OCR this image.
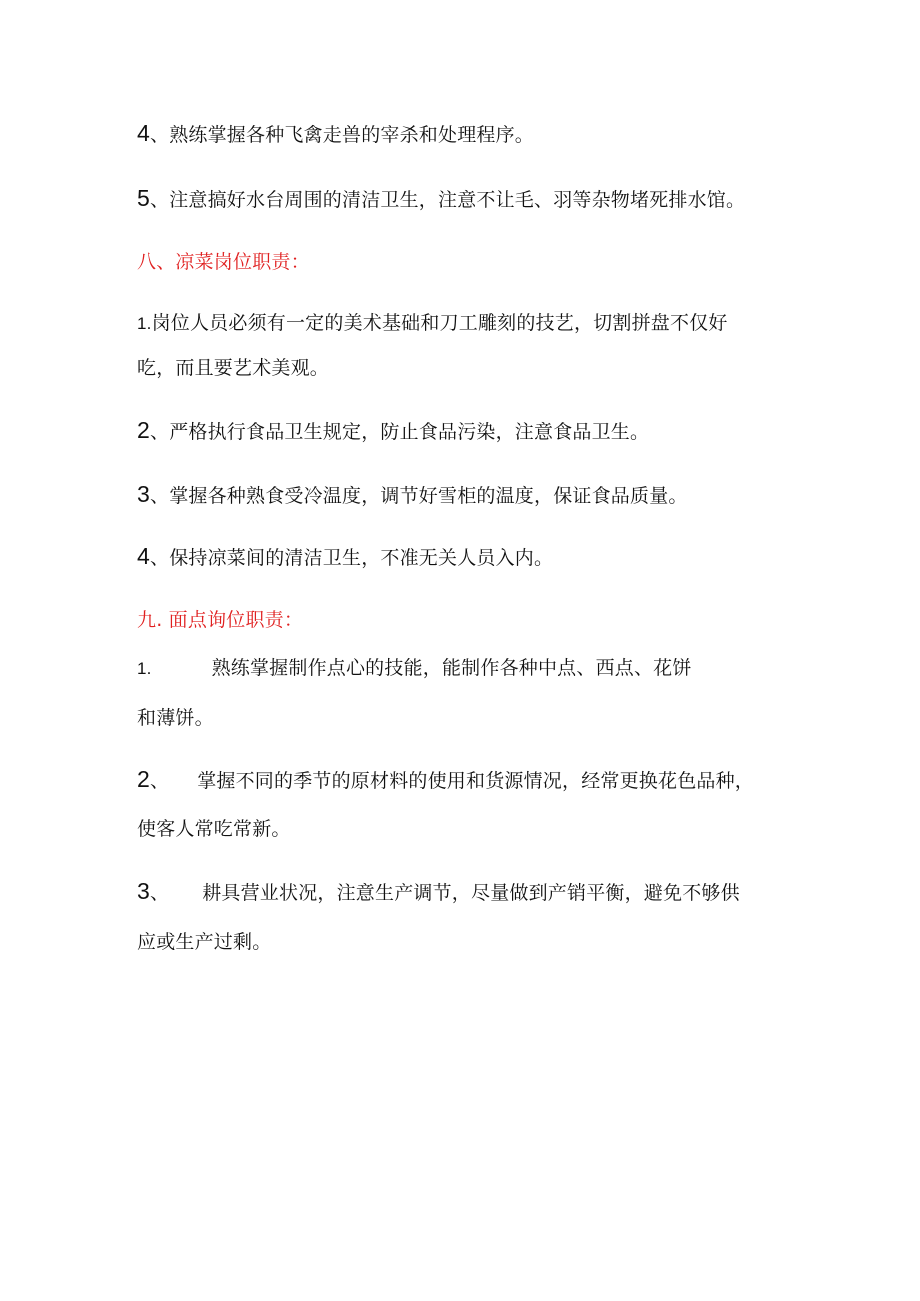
4、熟练掌握各种飞禽走兽的宰杀和处理程序。
5、注意搞好水台周围的清洁卫生，注意不让毛、羽等杂物堵死排水馆。
八、凉菜岗位职责：
1.岗位人员必须有一定的美术基础和刀工雕刻的技艺，切割拼盘不仅好
吃，而且要艺术美观。
2、严格执行食品卫生规定，防止食品污染，注意食品卫生。
3、掌握各种熟食受冷温度，调节好雪柜的温度，保证食品质量。
4、保持凉菜间的清洁卫生，不准无关人员入内。
九. 面点询位职责：
1.	熟练掌握制作点心的技能，能制作各种中点、西点、花饼
和薄饼。
2、 掌握不同的季节的原材料的使用和货源情况，经常更换花色品种，
使客人常吃常新。
3、 耕具营业状况，注意生产调节，尽量做到产销平衡，避免不够供
应或生产过剩。
